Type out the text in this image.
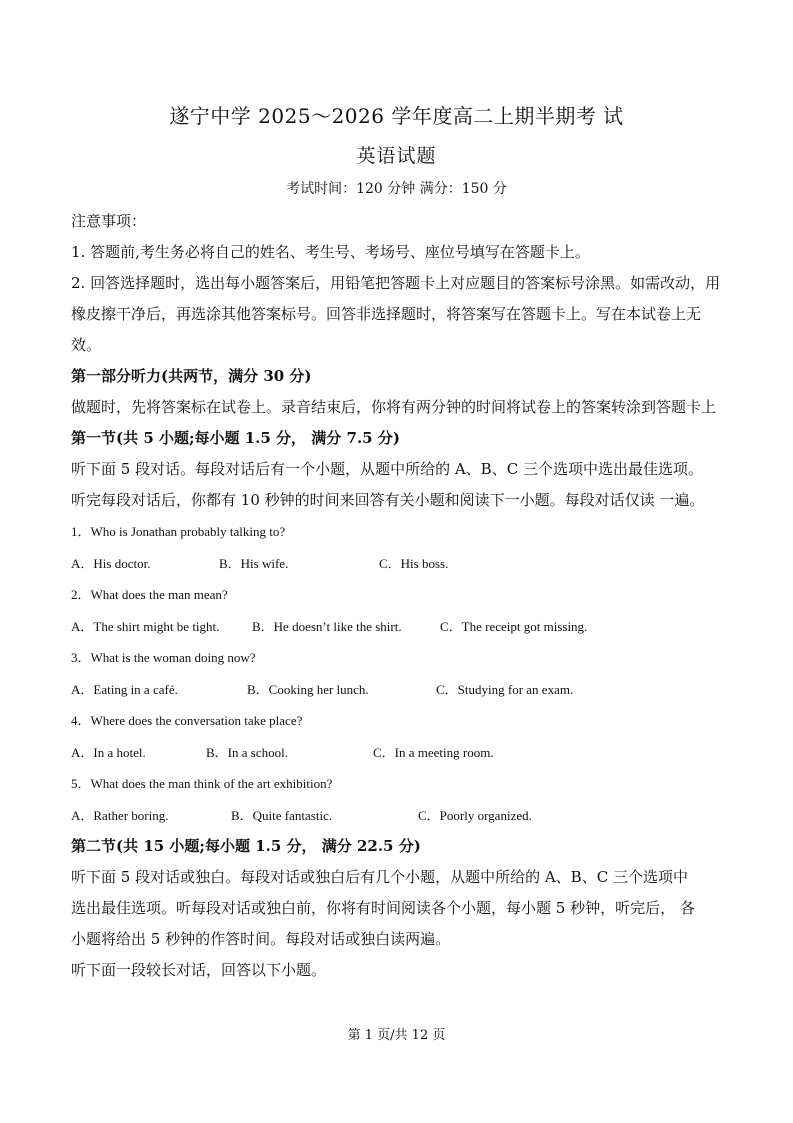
遂宁中学 2025～2026 学年度高二上期半期考 试
英语试题
考试时间：120 分钟 满分：150 分

注意事项：

1. 答题前,考生务必将自己的姓名、考生号、考场号、座位号填写在答题卡上。

2. 回答选择题时，选出每小题答案后，用铅笔把答题卡上对应题目的答案标号涂黑。如需改动，用橡皮擦干净后，再选涂其他答案标号。回答非选择题时，将答案写在答题卡上。写在本试卷上无效。

第一部分听力(共两节，满分 30 分)

做题时，先将答案标在试卷上。录音结束后，你将有两分钟的时间将试卷上的答案转涂到答题卡上

第一节(共 5 小题;每小题 1.5 分， 满分 7.5 分)

听下面 5 段对话。每段对话后有一个小题，从题中所给的 A、B、C 三个选项中选出最佳选项。

听完每段对话后，你都有 10 秒钟的时间来回答有关小题和阅读下一小题。每段对话仅读 一遍。

1．Who is Jonathan probably talking to?

A．His doctor.	B．His wife.	C．His boss.

2．What does the man mean?

A．The shirt might be tight.	B．He doesn’t like the shirt.	C．The receipt got missing.

3．What is the woman doing now?

A．Eating in a café.	B．Cooking her lunch.	C．Studying for an exam.

4．Where does the conversation take place?

A．In a hotel.	B．In a school.	C．In a meeting room.

5．What does the man think of the art exhibition?

A．Rather boring.	B．Quite fantastic.	C．Poorly organized.

第二节(共 15 小题;每小题 1.5 分， 满分 22.5 分)

听下面 5 段对话或独白。每段对话或独白后有几个小题，从题中所给的 A、B、C 三个选项中

选出最佳选项。听每段对话或独白前，你将有时间阅读各个小题，每小题 5 秒钟，听完后， 各

小题将给出 5 秒钟的作答时间。每段对话或独白读两遍。

听下面一段较长对话，回答以下小题。

第 1 页/共 12 页
